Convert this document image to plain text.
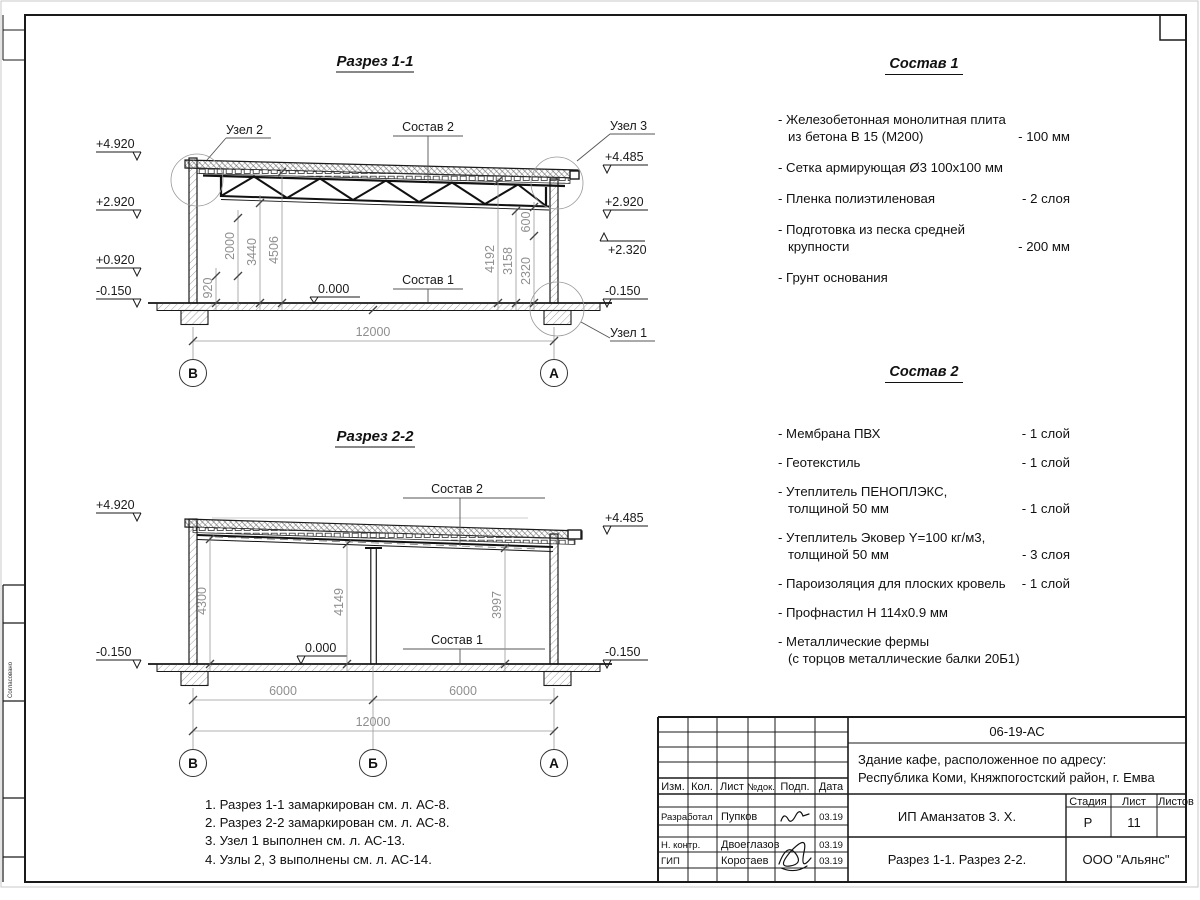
Согласовано
06-19-АС
Здание кафе, расположенное по адресу:
Республика Коми, Княжпогостский район, г. Емва
ИП Аманзатов З. Х.
Стадия Лист Листов
Р	11
Разрез 1-1. Разрез 2-2.	ООО "Альянс"
Изм. Кол. Лист №док. Подп. Дата
Разработал Пупков	03.19
Н. контр. Двоеглазов	03.19
ГИП	Коротаев	03.19
Разрез 1-1
+4.920
+2.920
+0.920
-0.150
+4.485
+2.920
+2.320
-0.150
Узел 2	Узел 3
Узел 1
Состав 2
Состав 1
0.000
920
2000 3440 4506	4192 3158 2320
600
12000
В	А
Разрез 2-2
+4.920
-0.150
+4.485
-0.150
Состав 2
Состав 1
0.000
4300	4149	3997
6000	6000
12000
В	Б	А
Состав 1
- Железобетонная монолитная плита
из бетона В 15 (М200)	- 100 мм
- Сетка армирующая Ø3 100х100 мм
- Пленка полиэтиленовая	- 2 слоя
- Подготовка из песка средней
крупности	- 200 мм
- Грунт основания
Состав 2
- Мембрана ПВХ	- 1 слой
- Геотекстиль	- 1 слой
- Утеплитель ПЕНОПЛЭКС,
толщиной 50 мм	- 1 слой
- Утеплитель Эковер Y=100 кг/м3,
толщиной 50 мм	- 3 слоя
- Пароизоляция для плоских кровель	- 1 слой
- Профнастил Н 114х0.9 мм
- Металлические фермы
(с торцов металлические балки 20Б1)
1. Разрез 1-1 замаркирован см. л. АС-8.
2. Разрез 2-2 замаркирован см. л. АС-8.
3. Узел 1 выполнен см. л. АС-13.
4. Узлы 2, 3 выполнены см. л. АС-14.
